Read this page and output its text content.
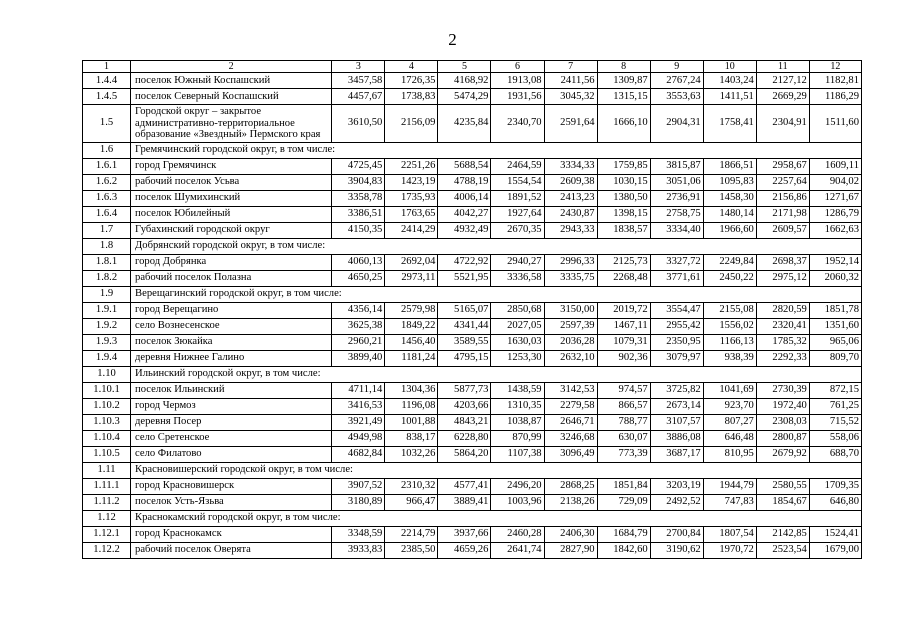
2
1	2	3	4	5	6	7	8	9	10	11	12
1.4.4	поселок Южный Коспашский	3457,58	1726,35	4168,92	1913,08	2411,56	1309,87	2767,24	1403,24	2127,12	1182,81
1.4.5	поселок Северный Коспашский	4457,67	1738,83	5474,29	1931,56	3045,32	1315,15	3553,63	1411,51	2669,29	1186,29
1.5	Городской округ – закрытое административно-территориальное образование «Звездный» Пермского края	3610,50	2156,09	4235,84	2340,70	2591,64	1666,10	2904,31	1758,41	2304,91	1511,60
1.6	Гремячинский городской округ, в том числе:										
1.6.1	город Гремячинск	4725,45	2251,26	5688,54	2464,59	3334,33	1759,85	3815,87	1866,51	2958,67	1609,11
1.6.2	рабочий поселок Усьва	3904,83	1423,19	4788,19	1554,54	2609,38	1030,15	3051,06	1095,83	2257,64	904,02
1.6.3	поселок Шумихинский	3358,78	1735,93	4006,14	1891,52	2413,23	1380,50	2736,91	1458,30	2156,86	1271,67
1.6.4	поселок Юбилейный	3386,51	1763,65	4042,27	1927,64	2430,87	1398,15	2758,75	1480,14	2171,98	1286,79
1.7	Губахинский городской округ	4150,35	2414,29	4932,49	2670,35	2943,33	1838,57	3334,40	1966,60	2609,57	1662,63
1.8	Добрянский городской округ, в том числе:										
1.8.1	город Добрянка	4060,13	2692,04	4722,92	2940,27	2996,33	2125,73	3327,72	2249,84	2698,37	1952,14
1.8.2	рабочий поселок Полазна	4650,25	2973,11	5521,95	3336,58	3335,75	2268,48	3771,61	2450,22	2975,12	2060,32
1.9	Верещагинский городской округ, в том числе:										
1.9.1	город Верещагино	4356,14	2579,98	5165,07	2850,68	3150,00	2019,72	3554,47	2155,08	2820,59	1851,78
1.9.2	село Вознесенское	3625,38	1849,22	4341,44	2027,05	2597,39	1467,11	2955,42	1556,02	2320,41	1351,60
1.9.3	поселок Зюкайка	2960,21	1456,40	3589,55	1630,03	2036,28	1079,31	2350,95	1166,13	1785,32	965,06
1.9.4	деревня Нижнее Галино	3899,40	1181,24	4795,15	1253,30	2632,10	902,36	3079,97	938,39	2292,33	809,70
1.10	Ильинский городской округ, в том числе:										
1.10.1	поселок Ильинский	4711,14	1304,36	5877,73	1438,59	3142,53	974,57	3725,82	1041,69	2730,39	872,15
1.10.2	город Чермоз	3416,53	1196,08	4203,66	1310,35	2279,58	866,57	2673,14	923,70	1972,40	761,25
1.10.3	деревня Посер	3921,49	1001,88	4843,21	1038,87	2646,71	788,77	3107,57	807,27	2308,03	715,52
1.10.4	село Сретенское	4949,98	838,17	6228,80	870,99	3246,68	630,07	3886,08	646,48	2800,87	558,06
1.10.5	село Филатово	4682,84	1032,26	5864,20	1107,38	3096,49	773,39	3687,17	810,95	2679,92	688,70
1.11	Красновишерский городской округ, в том числе:										
1.11.1	город Красновишерск	3907,52	2310,32	4577,41	2496,20	2868,25	1851,84	3203,19	1944,79	2580,55	1709,35
1.11.2	поселок Усть-Язьва	3180,89	966,47	3889,41	1003,96	2138,26	729,09	2492,52	747,83	1854,67	646,80
1.12	Краснокамский городской округ, в том числе:										
1.12.1	город Краснокамск	3348,59	2214,79	3937,66	2460,28	2406,30	1684,79	2700,84	1807,54	2142,85	1524,41
1.12.2	рабочий поселок Оверята	3933,83	2385,50	4659,26	2641,74	2827,90	1842,60	3190,62	1970,72	2523,54	1679,00
